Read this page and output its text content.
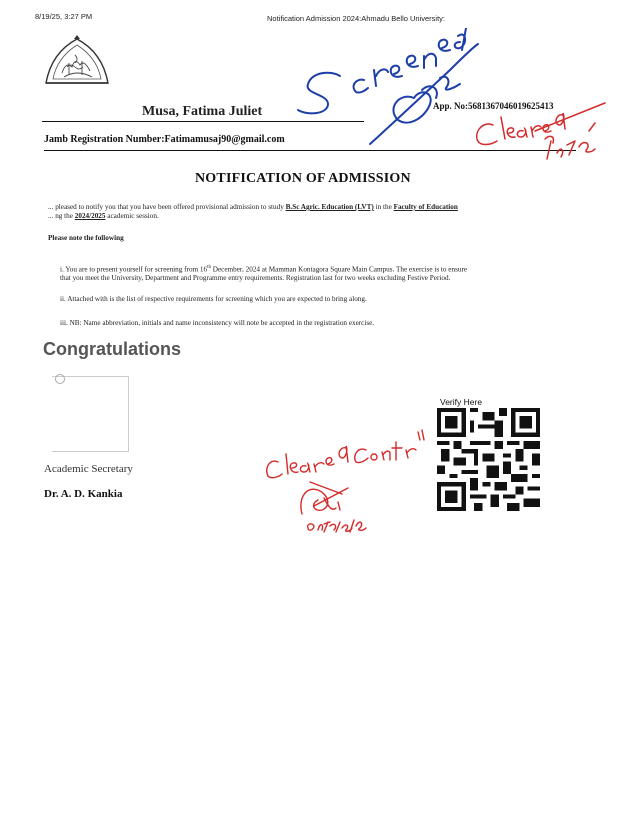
8/19/25, 3:27 PM	Notification Admission 2024:Ahmadu Bello University:
Musa, Fatima Juliet	App. No:5681367046019625413
Jamb Registration Number:Fatimamusaj90@gmail.com
NOTIFICATION OF ADMISSION
... pleased to notify you that you have been offered provisional admission to study B.Sc Agric. Education (LVT) in the Faculty of Education
... ng the 2024/2025 academic session.
Please note the following
i. You are to present yourself for screening from 16th December, 2024 at Mamman Kontagora Square Main Campus. The exercise is to ensure
that you meet the University, Department and Programme entry requirements. Registration last for two weeks excluding Festive Period.
ii. Attached with is the list of respective requirements for screening which you are expected to bring along.
iii. NB: Name abbreviation, initials and name inconsistency will note be accepted in the registration exercise.
Congratulations
Academic Secretary
Dr. A. D. Kankia
Verify Here
